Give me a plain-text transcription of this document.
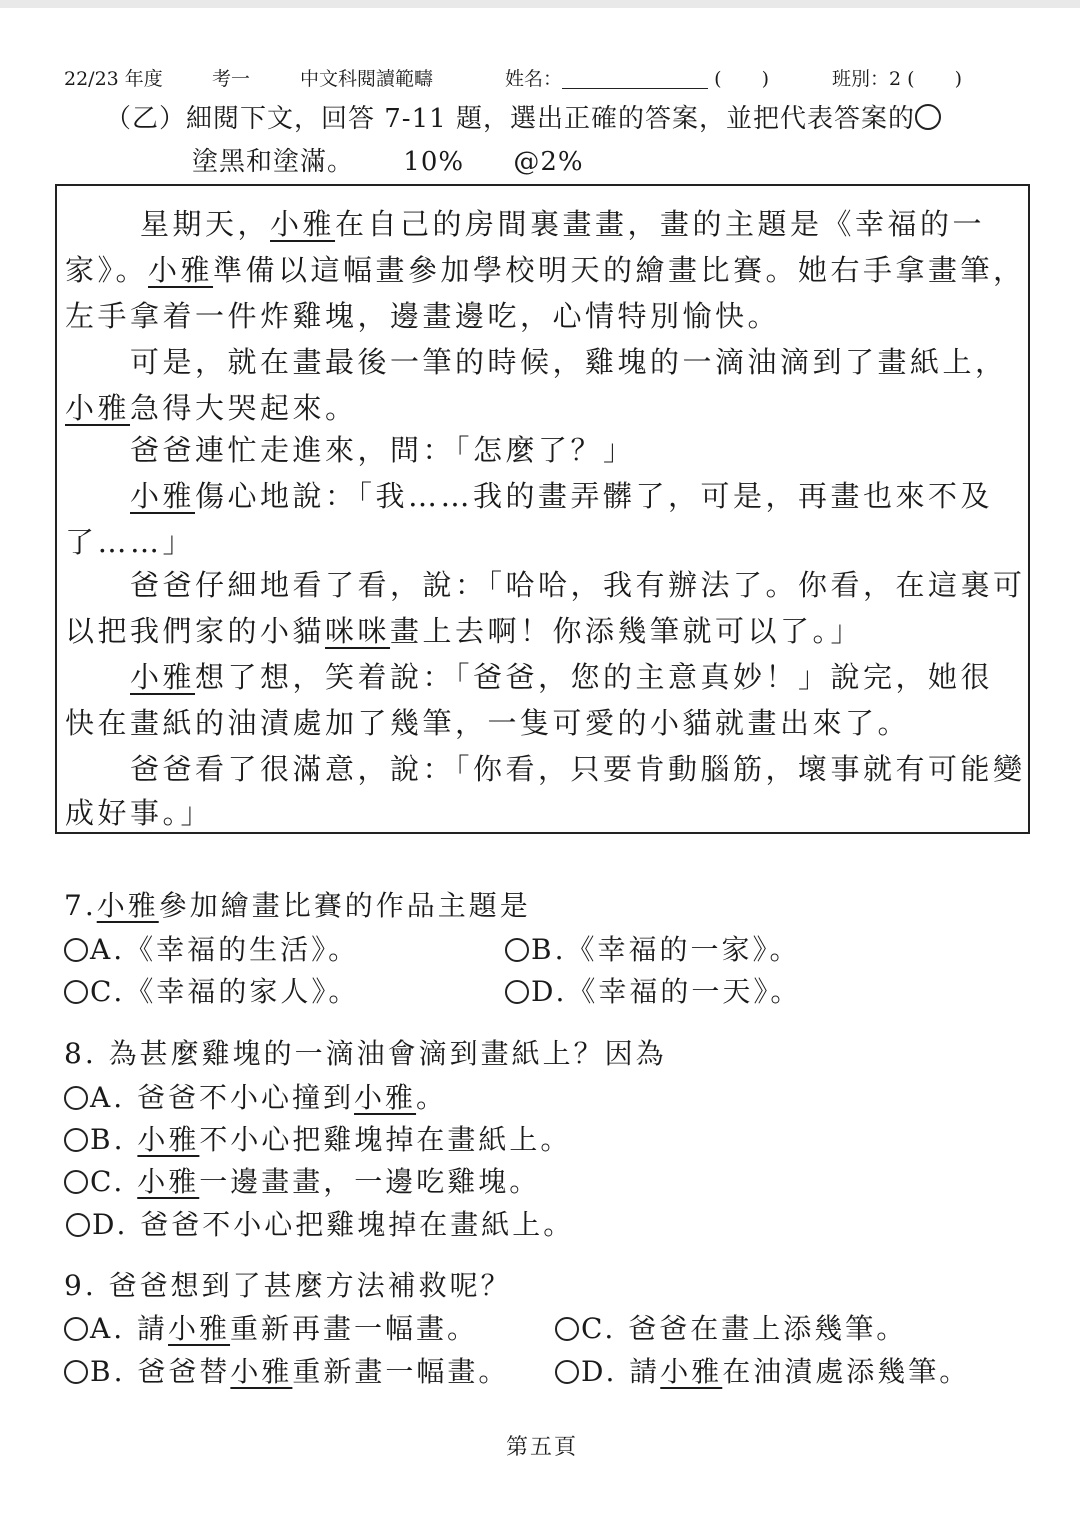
22/23 年度	考一	中文科閱讀範疇	姓名：	( )	班別：2 ( )
（乙）細閱下文，回答 7-11 題，選出正確的答案，並把代表答案的
塗黑和塗滿。 10% @2%
星期天，小雅在自己的房間裏畫畫，畫的主題是《幸福的一
家》。小雅準備以這幅畫參加學校明天的繪畫比賽。她右手拿畫筆，
左手拿着一件炸雞塊，邊畫邊吃，心情特別愉快。
可是，就在畫最後一筆的時候，雞塊的一滴油滴到了畫紙上，
小雅急得大哭起來。
爸爸連忙走進來，問：「怎麼了？」
小雅傷心地說：「我……我的畫弄髒了，可是，再畫也來不及
了……」
爸爸仔細地看了看，說：「哈哈，我有辦法了。你看，在這裏可
以把我們家的小貓咪咪畫上去啊！你添幾筆就可以了。」
小雅想了想，笑着說：「爸爸，您的主意真妙！」說完，她很
快在畫紙的油漬處加了幾筆，一隻可愛的小貓就畫出來了。
爸爸看了很滿意，說：「你看，只要肯動腦筋，壞事就有可能變
成好事。」
7.小雅參加繪畫比賽的作品主題是
A.《幸福的生活》。	B.《幸福的一家》。
C.《幸福的家人》。	D.《幸福的一天》。
8. 為甚麼雞塊的一滴油會滴到畫紙上？因為
A. 爸爸不小心撞到小雅。
B. 小雅不小心把雞塊掉在畫紙上。
C. 小雅一邊畫畫，一邊吃雞塊。
D. 爸爸不小心把雞塊掉在畫紙上。
9. 爸爸想到了甚麼方法補救呢？
A. 請小雅重新再畫一幅畫。	C. 爸爸在畫上添幾筆。
B. 爸爸替小雅重新畫一幅畫。	D. 請小雅在油漬處添幾筆。
第五頁
